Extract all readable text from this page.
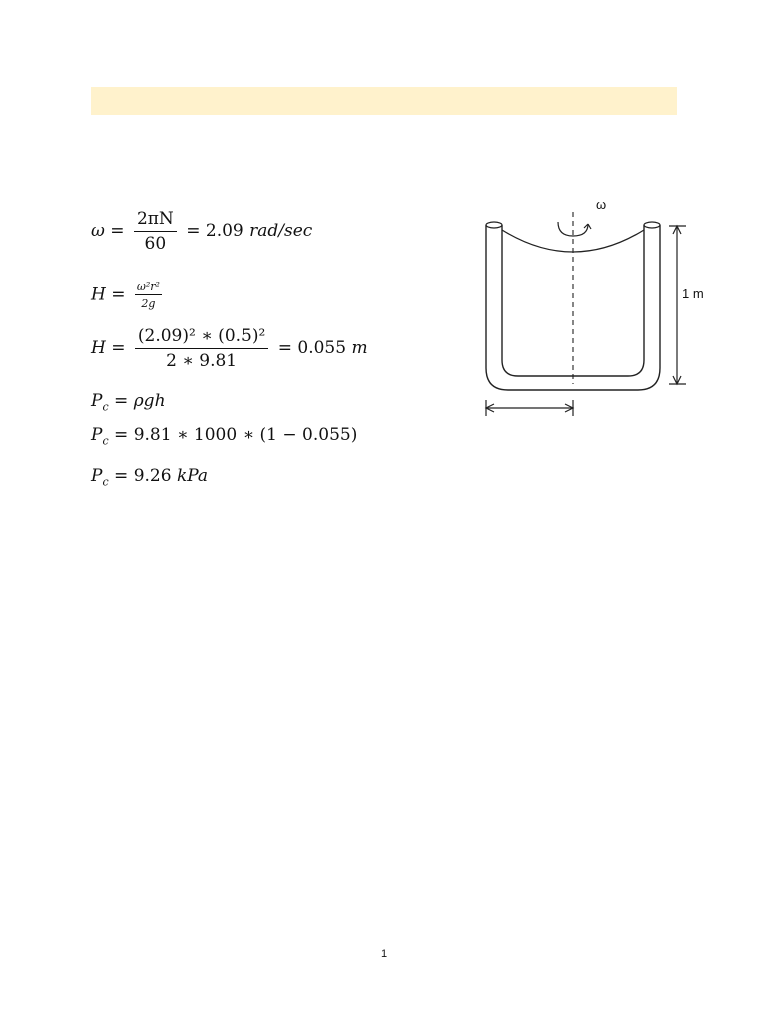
$\omega = \frac{2\pi N}{60} = 2.09$ rad/sec
$H = \frac{\text{ω²r²}}{2g}$
$H = \frac{\text{(2.09)² ∗ (0.5)²}}{2 ∗ 9.81} = 0.055$ m
$P_c = \rho gh$
$P_c = 9.81$ ∗ 1000 ∗ (1 − 0.055)
$P_c = 9.26$ kPa
ω
1 m
1
